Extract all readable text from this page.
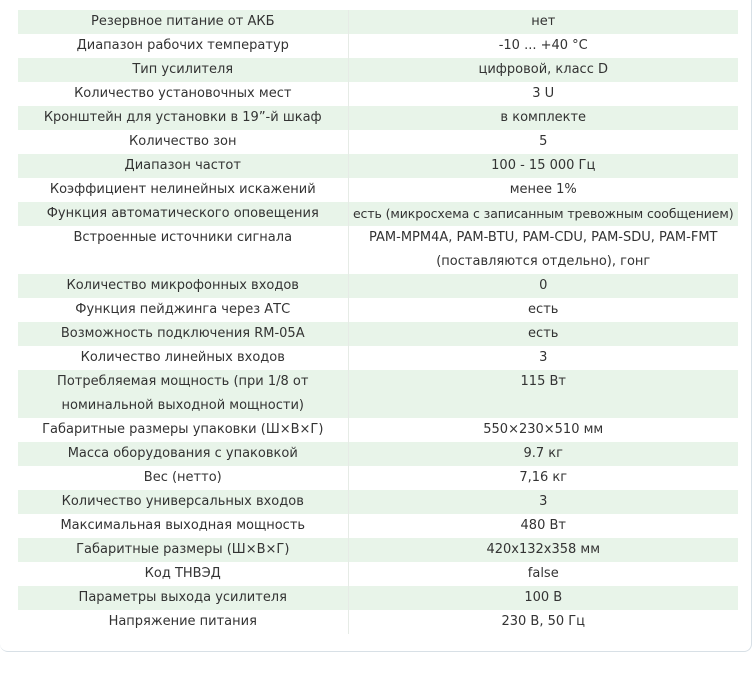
Резервное питание от АКБ	нет
Диапазон рабочих температур	-10 ... +40 °C
Тип усилителя	цифровой, класс D
Количество установочных мест	3 U
Кронштейн для установки в 19”-й шкаф	в комплекте
Количество зон	5
Диапазон частот	100 - 15 000 Гц
Коэффициент нелинейных искажений	менее 1%
Функция автоматического оповещения	есть (микросхема с записанным тревожным сообщением)
Встроенные источники сигнала	PAM-MPM4A, PAM-BTU, PAM-CDU, PAM-SDU, PAM-FMT (поставляются отдельно), гонг
Количество микрофонных входов	0
Функция пейджинга через АТС	есть
Возможность подключения RM-05A	есть
Количество линейных входов	3
Потребляемая мощность (при 1/8 от номинальной выходной мощности)	115 Вт
Габаритные размеры упаковки (Ш×В×Г)	550×230×510 мм
Масса оборудования с упаковкой	9.7 кг
Вес (нетто)	7,16 кг
Количество универсальных входов	3
Максимальная выходная мощность	480 Вт
Габаритные размеры (Ш×В×Г)	420x132x358 мм
Код ТНВЭД	false
Параметры выхода усилителя	100 В
Напряжение питания	230 В, 50 Гц
